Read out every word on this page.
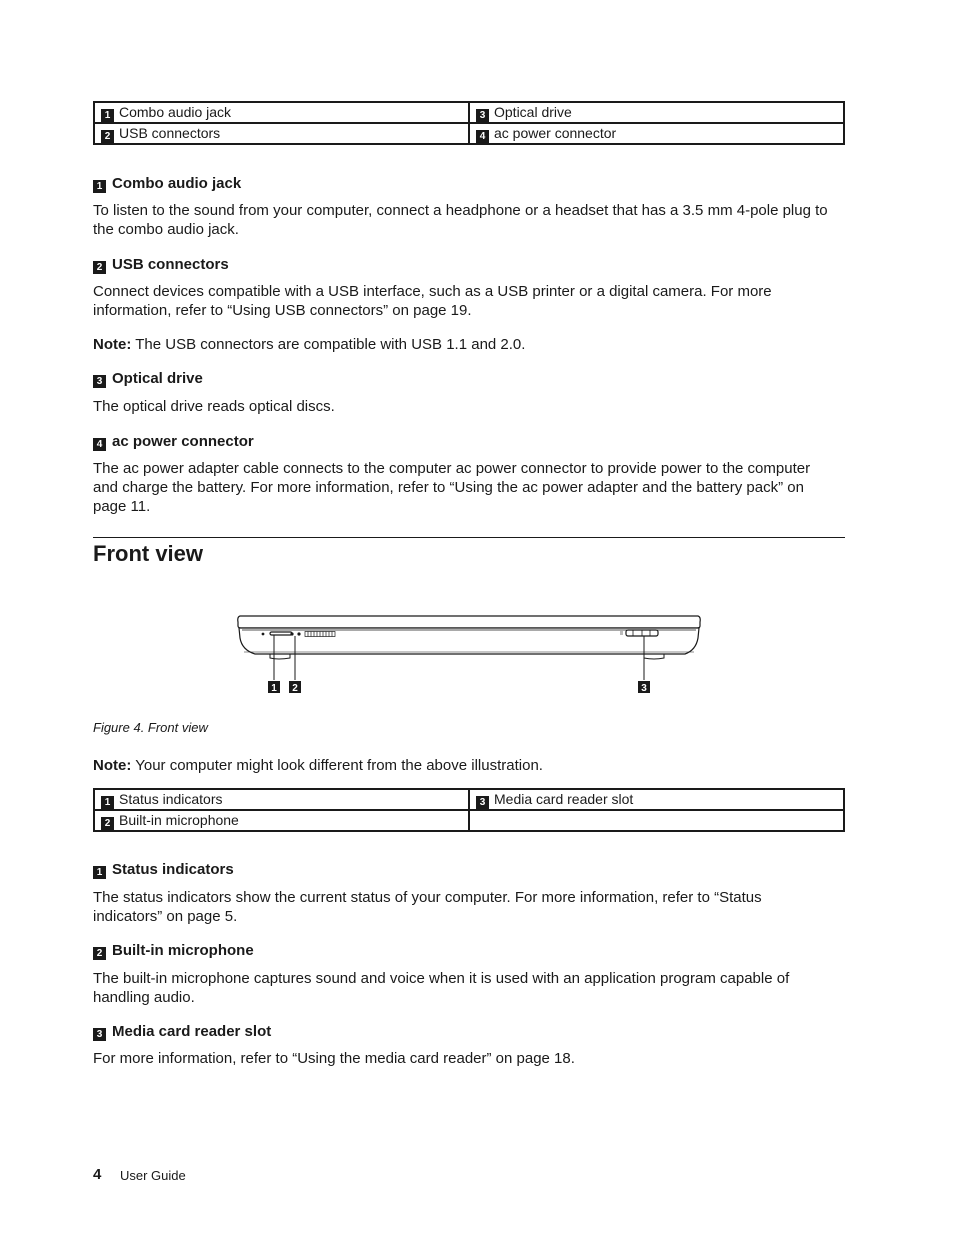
1 Combo audio jack	3 Optical drive
2 USB connectors	4 ac power connector
1 Combo audio jack
To listen to the sound from your computer, connect a headphone or a headset that has a 3.5 mm 4-pole plug to the combo audio jack.
2 USB connectors
Connect devices compatible with a USB interface, such as a USB printer or a digital camera. For more information, refer to “Using USB connectors” on page 19.
Note: The USB connectors are compatible with USB 1.1 and 2.0.
3 Optical drive
The optical drive reads optical discs.
4 ac power connector
The ac power adapter cable connects to the computer ac power connector to provide power to the computer and charge the battery. For more information, refer to “Using the ac power adapter and the battery pack” on page 11.
Front view
1 2	3
Figure 4. Front view
Note: Your computer might look different from the above illustration.
1 Status indicators	3 Media card reader slot
2 Built-in microphone	
1 Status indicators
The status indicators show the current status of your computer. For more information, refer to “Status indicators” on page 5.
2 Built-in microphone
The built-in microphone captures sound and voice when it is used with an application program capable of handling audio.
3 Media card reader slot
For more information, refer to “Using the media card reader” on page 18.
4 User Guide
